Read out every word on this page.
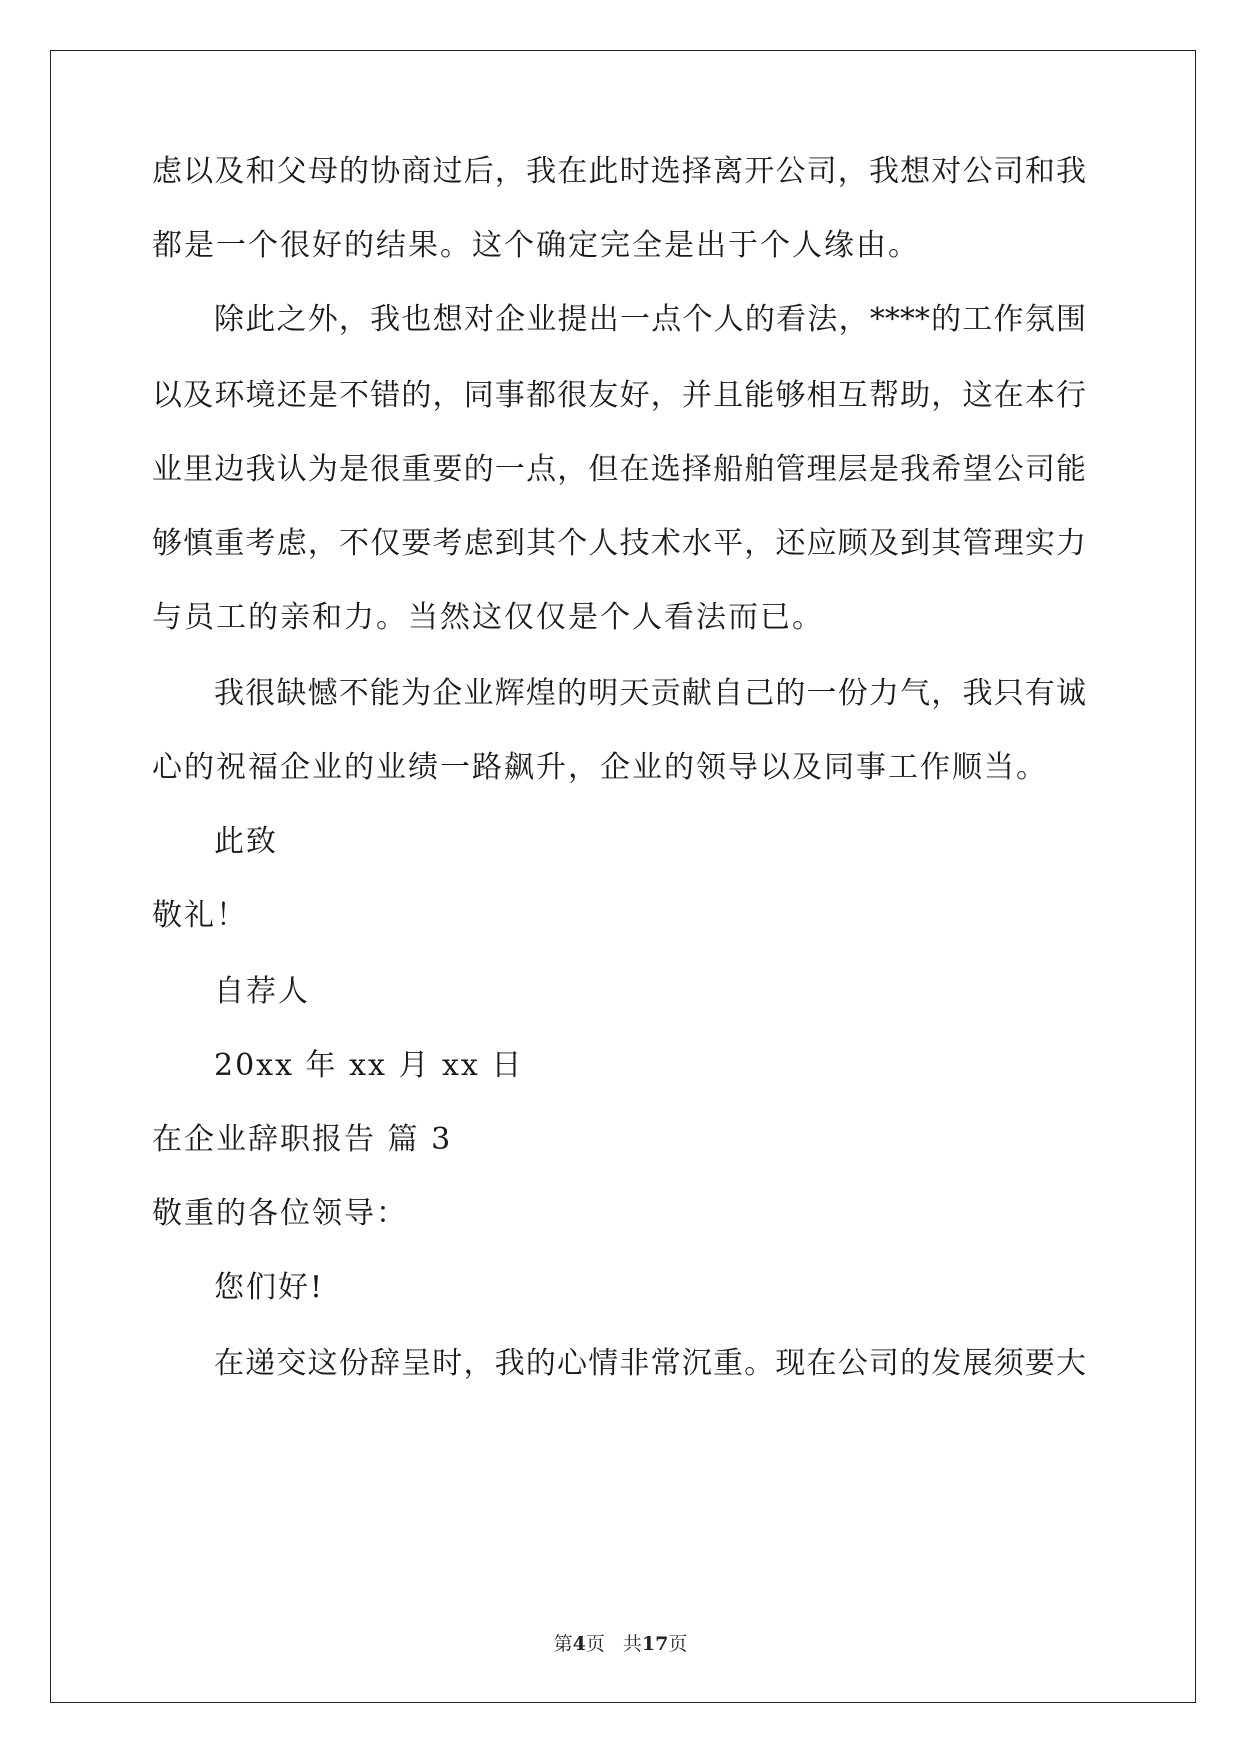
虑以及和父母的协商过后，我在此时选择离开公司，我想对公司和我
都是一个很好的结果。这个确定完全是出于个人缘由。
除此之外，我也想对企业提出一点个人的看法，****的工作氛围
以及环境还是不错的，同事都很友好，并且能够相互帮助，这在本行
业里边我认为是很重要的一点，但在选择船舶管理层是我希望公司能
够慎重考虑，不仅要考虑到其个人技术水平，还应顾及到其管理实力
与员工的亲和力。当然这仅仅是个人看法而已。
我很缺憾不能为企业辉煌的明天贡献自己的一份力气，我只有诚
心的祝福企业的业绩一路飙升，企业的领导以及同事工作顺当。
此致
敬礼！
自荐人
20xx 年 xx 月 xx 日
在企业辞职报告 篇 3
敬重的各位领导：
您们好!
在递交这份辞呈时，我的心情非常沉重。现在公司的发展须要大
第4页 共17页
